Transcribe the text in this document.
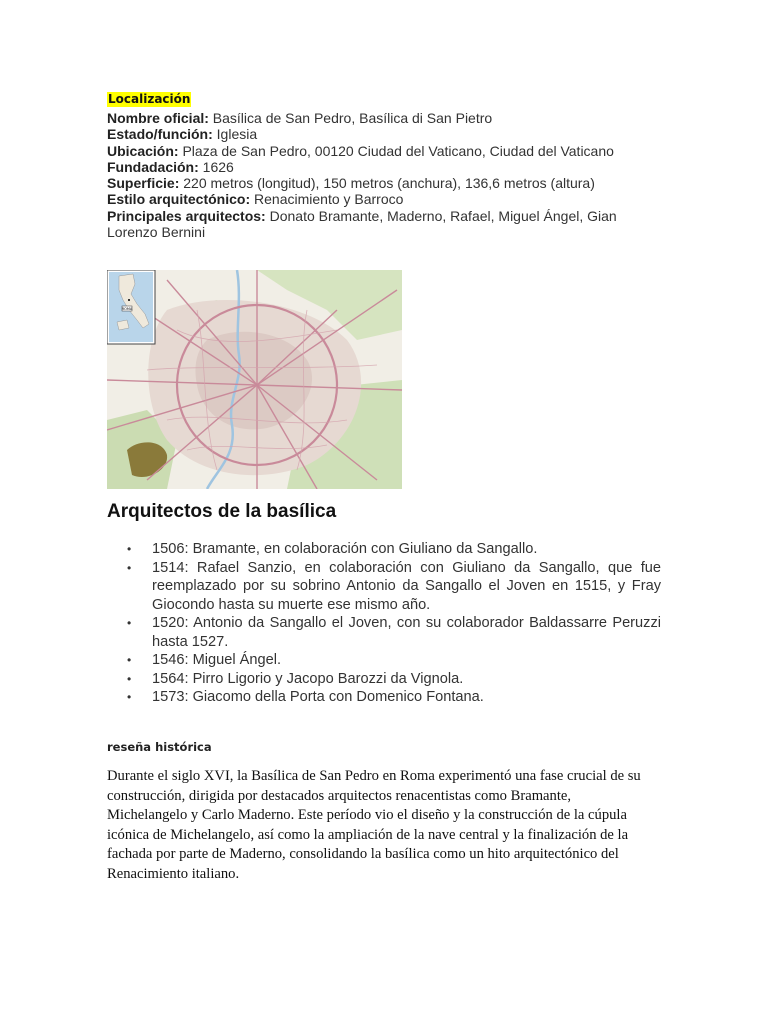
Localización

Nombre oficial: Basílica de San Pedro, Basílica di San Pietro

Estado/función: Iglesia

Ubicación: Plaza de San Pedro, 00120 Ciudad del Vaticano, Ciudad del Vaticano

Fundadación: 1626

Superficie: 220 metros (longitud), 150 metros (anchura), 136,6 metros (altura)

Estilo arquitectónico: Renacimiento y Barroco

Principales arquitectos: Donato Bramante, Maderno, Rafael, Miguel Ángel, Gian Lorenzo Bernini

ROMA
Arquitectos de la basílica
• 1506: Bramante, en colaboración con Giuliano da Sangallo.
• 1514: Rafael Sanzio, en colaboración con Giuliano da Sangallo, que fue reemplazado por su sobrino Antonio da Sangallo el Joven en 1515, y Fray Giocondo hasta su muerte ese mismo año.
• 1520: Antonio da Sangallo el Joven, con su colaborador Baldassarre Peruzzi hasta 1527.
• 1546: Miguel Ángel.
• 1564: Pirro Ligorio y Jacopo Barozzi da Vignola.
• 1573: Giacomo della Porta con Domenico Fontana.
reseña histórica

Durante el siglo XVI, la Basílica de San Pedro en Roma experimentó una fase crucial de su construcción, dirigida por destacados arquitectos renacentistas como Bramante, Michelangelo y Carlo Maderno. Este período vio el diseño y la construcción de la cúpula icónica de Michelangelo, así como la ampliación de la nave central y la finalización de la fachada por parte de Maderno, consolidando la basílica como un hito arquitectónico del Renacimiento italiano.
